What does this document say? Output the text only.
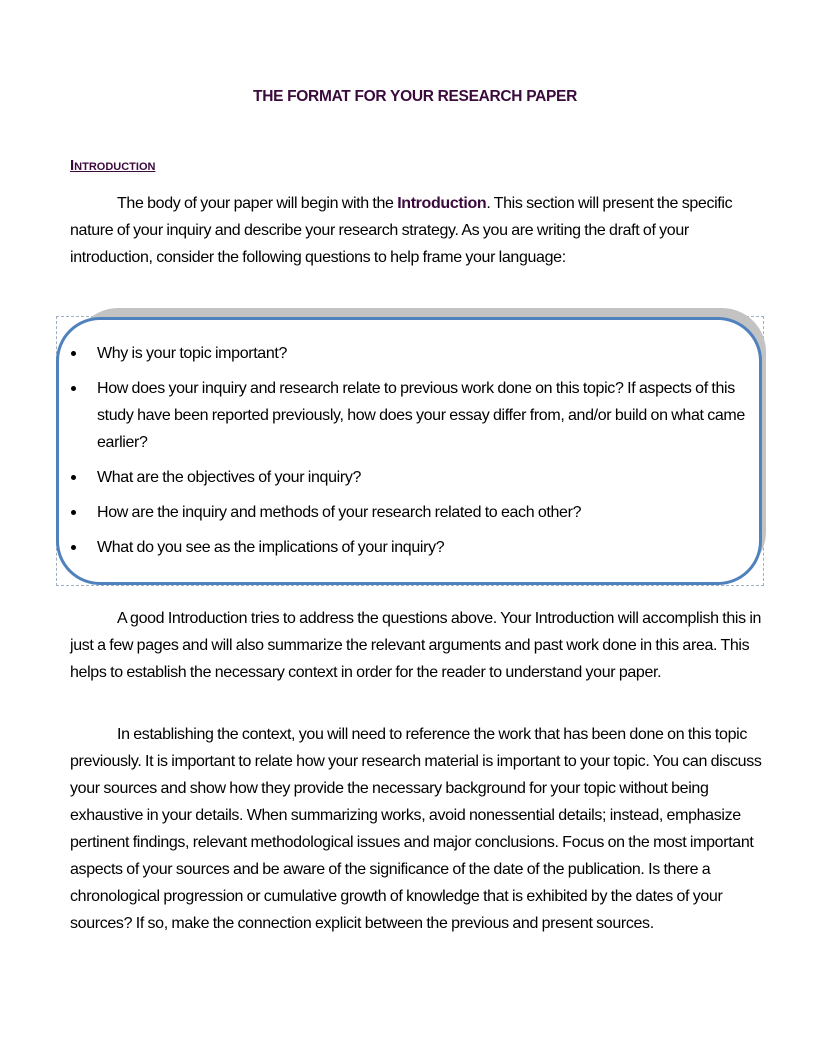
THE FORMAT FOR YOUR RESEARCH PAPER
Introduction

The body of your paper will begin with the Introduction. This section will present the specific nature of your inquiry and describe your research strategy. As you are writing the draft of your introduction, consider the following questions to help frame your language:

Why is your topic important?
How does your inquiry and research relate to previous work done on this topic? If aspects of this study have been reported previously, how does your essay differ from, and/or build on what came earlier?
What are the objectives of your inquiry?
How are the inquiry and methods of your research related to each other?
What do you see as the implications of your inquiry?

A good Introduction tries to address the questions above. Your Introduction will accomplish this in just a few pages and will also summarize the relevant arguments and past work done in this area. This helps to establish the necessary context in order for the reader to understand your paper.

In establishing the context, you will need to reference the work that has been done on this topic previously. It is important to relate how your research material is important to your topic. You can discuss your sources and show how they provide the necessary background for your topic without being exhaustive in your details. When summarizing works, avoid nonessential details; instead, emphasize pertinent findings, relevant methodological issues and major conclusions. Focus on the most important aspects of your sources and be aware of the significance of the date of the publication. Is there a chronological progression or cumulative growth of knowledge that is exhibited by the dates of your sources? If so, make the connection explicit between the previous and present sources.
